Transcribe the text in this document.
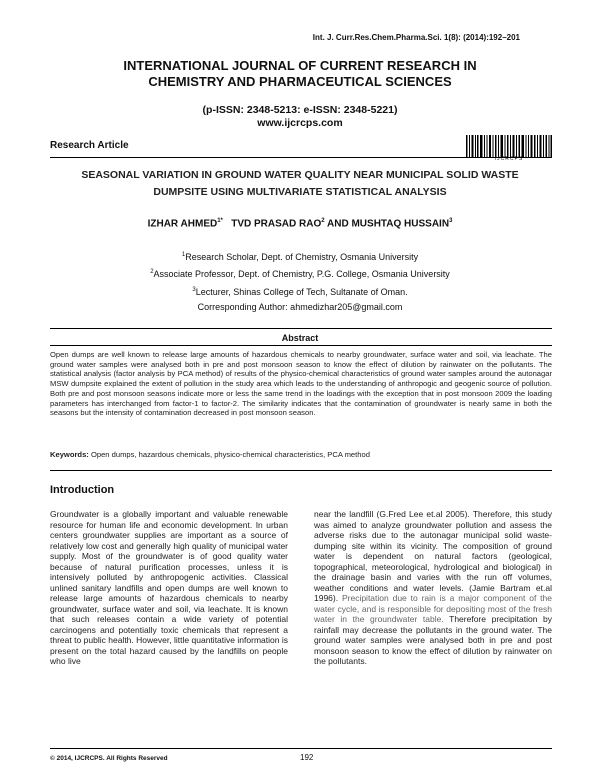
Int. J. Curr.Res.Chem.Pharma.Sci. 1(8): (2014):192–201
INTERNATIONAL JOURNAL OF CURRENT RESEARCH IN
CHEMISTRY AND PHARMACEUTICAL SCIENCES
(p-ISSN: 2348-5213: e-ISSN: 2348-5221)
www.ijcrcps.com
Research Article
IJCRCPS
SEASONAL VARIATION IN GROUND WATER QUALITY NEAR MUNICIPAL SOLID WASTE
DUMPSITE USING MULTIVARIATE STATISTICAL ANALYSIS
IZHAR $AHMED^{1*}$ TVD PRASAD RAO$^2$ AND MUSHTAQ HUSSAIN$^3$
$^1$Research Scholar, Dept. of Chemistry, Osmania University
$^2$Associate Professor, Dept. of Chemistry, P.G. College, Osmania University
$^3$Lecturer, Shinas College of Tech, Sultanate of Oman.
Corresponding Author: ahmedizhar205@gmail.com
Abstract
Open dumps are well known to release large amounts of hazardous chemicals to nearby groundwater, surface water and soil, via leachate. The ground water samples were analysed both in pre and post monsoon season to know the effect of dilution by rainwater on the pollutants. The statistical analysis (factor analysis by PCA method) of results of the physico-chemical characteristics of ground water samples around the autonagar MSW dumpsite explained the extent of pollution in the study area which leads to the understanding of anthropogic and geogenic source of pollution. Both pre and post monsoon seasons indicate more or less the same trend in the loadings with the exception that in post monsoon 2009 the loading parameters has interchanged from factor-1 to factor-2. The similarity indicates that the contamination of groundwater is nearly same in both the seasons but the intensity of contamination decreased in post monsoon season.
Keywords: Open dumps, hazardous chemicals, physico-chemical characteristics, PCA method
Introduction
Groundwater is a globally important and valuable renewable resource for human life and economic development. In urban centers groundwater supplies are important as a source of relatively low cost and generally high quality of municipal water supply. Most of the groundwater is of good quality water because of natural purification processes, unless it is intensively polluted by anthropogenic activities. Classical unlined sanitary landfills and open dumps are well known to release large amounts of hazardous chemicals to nearby groundwater, surface water and soil, via leachate. It is known that such releases contain a wide variety of potential carcinogens and potentially toxic chemicals that represent a threat to public health. However, little quantitative information is present on the total hazard caused by the landfills on people who live
near the landfill (G.Fred Lee et.al 2005). Therefore, this study was aimed to analyze groundwater pollution and assess the adverse risks due to the autonagar municipal solid waste-dumping site within its vicinity. The composition of ground water is dependent on natural factors (geological, topographical, meteorological, hydrological and biological) in the drainage basin and varies with the run off volumes, weather conditions and water levels. (Jamie Bartram et.al 1996). Precipitation due to rain is a major component of the water cycle, and is responsible for depositing most of the fresh water in the groundwater table. Therefore precipitation by rainfall may decrease the pollutants in the ground water. The ground water samples were analysed both in pre and post monsoon season to know the effect of dilution by rainwater on the pollutants.
© 2014, IJCRCPS. All Rights Reserved	192
